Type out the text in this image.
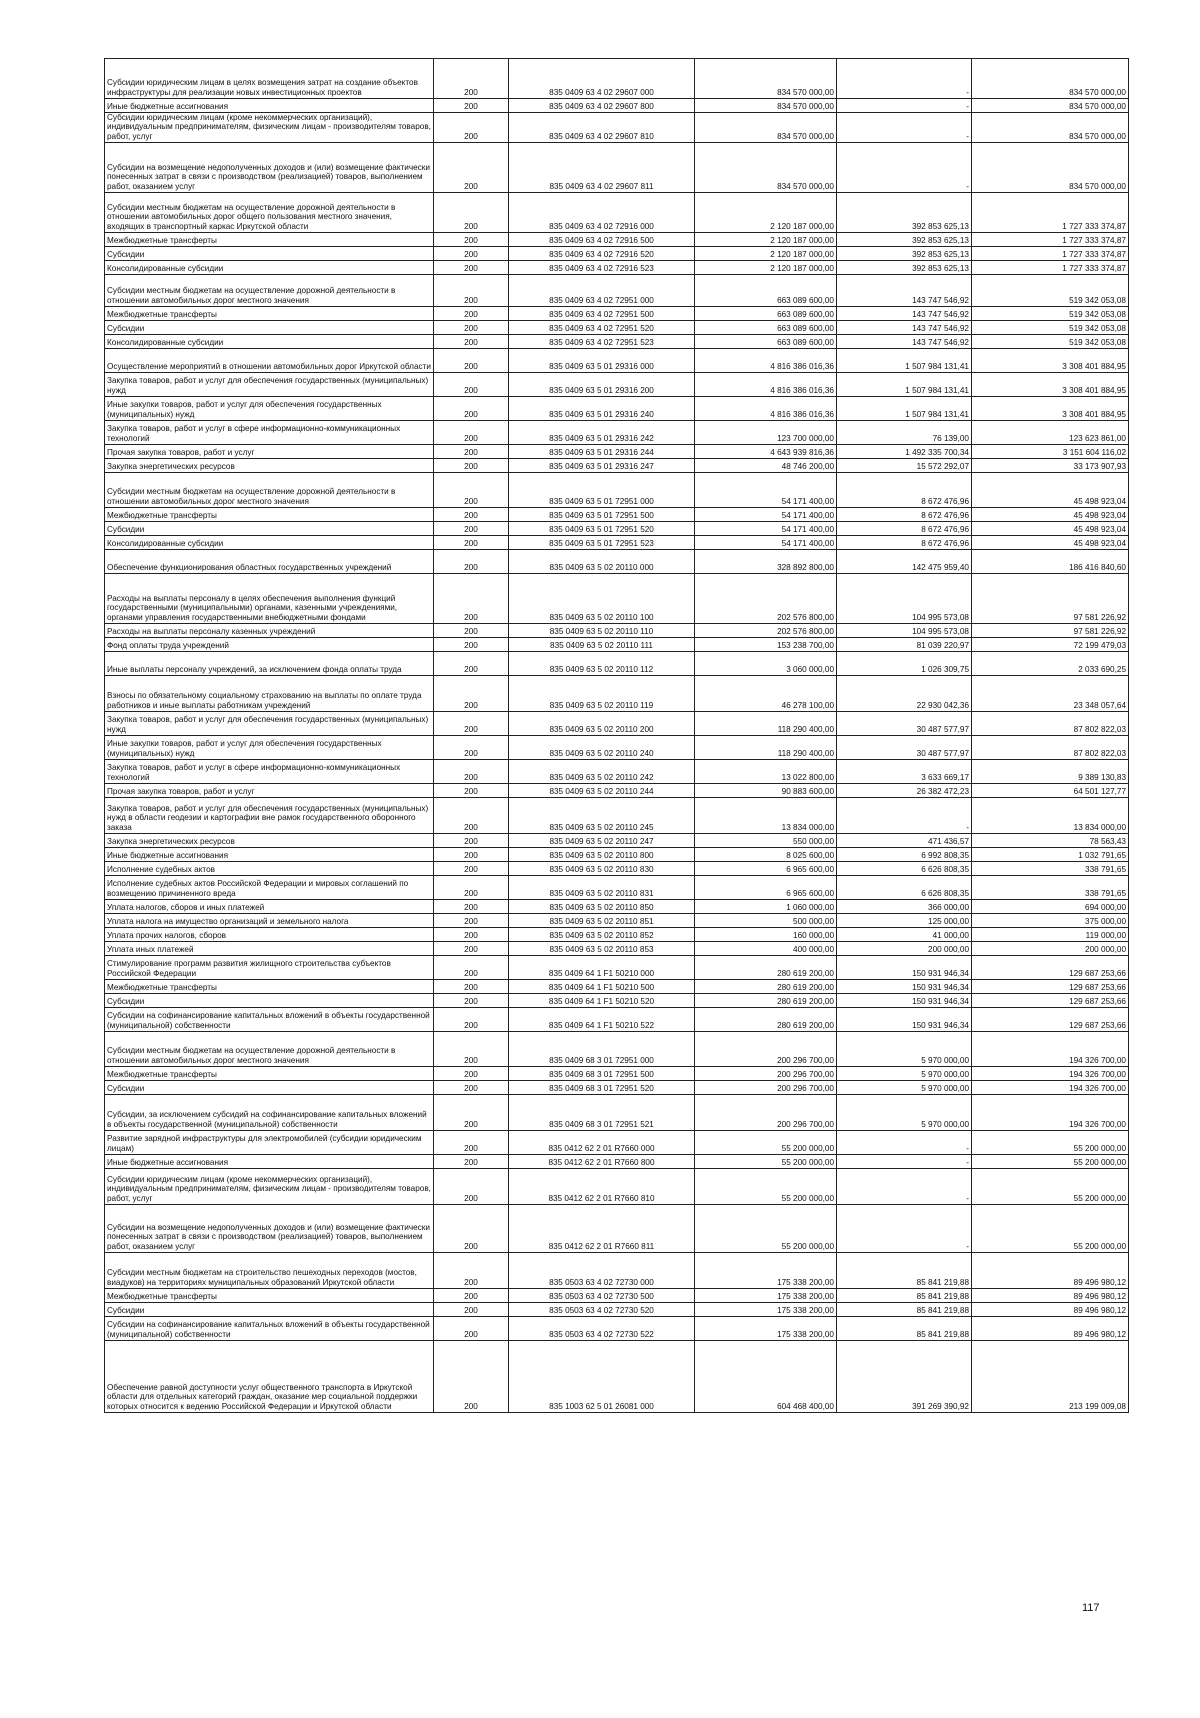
Субсидии юридическим лицам в целях возмещения затрат на создание объектов инфраструктуры для реализации новых инвестиционных проектов	200	835 0409 63 4 02 29607 000	834 570 000,00	-	834 570 000,00
Иные бюджетные ассигнования	200	835 0409 63 4 02 29607 800	834 570 000,00	-	834 570 000,00
Субсидии юридическим лицам (кроме некоммерческих организаций), индивидуальным предпринимателям, физическим лицам - производителям товаров, работ, услуг	200	835 0409 63 4 02 29607 810	834 570 000,00	-	834 570 000,00
Субсидии на возмещение недополученных доходов и (или) возмещение фактически понесенных затрат в связи с производством (реализацией) товаров, выполнением работ, оказанием услуг	200	835 0409 63 4 02 29607 811	834 570 000,00	-	834 570 000,00
Субсидии местным бюджетам на осуществление дорожной деятельности в отношении автомобильных дорог общего пользования местного значения, входящих в транспортный каркас Иркутской области	200	835 0409 63 4 02 72916 000	2 120 187 000,00	392 853 625,13	1 727 333 374,87
Межбюджетные трансферты	200	835 0409 63 4 02 72916 500	2 120 187 000,00	392 853 625,13	1 727 333 374,87
Субсидии	200	835 0409 63 4 02 72916 520	2 120 187 000,00	392 853 625,13	1 727 333 374,87
Консолидированные субсидии	200	835 0409 63 4 02 72916 523	2 120 187 000,00	392 853 625,13	1 727 333 374,87
Субсидии местным бюджетам на осуществление дорожной деятельности в отношении автомобильных дорог местного значения	200	835 0409 63 4 02 72951 000	663 089 600,00	143 747 546,92	519 342 053,08
Межбюджетные трансферты	200	835 0409 63 4 02 72951 500	663 089 600,00	143 747 546,92	519 342 053,08
Субсидии	200	835 0409 63 4 02 72951 520	663 089 600,00	143 747 546,92	519 342 053,08
Консолидированные субсидии	200	835 0409 63 4 02 72951 523	663 089 600,00	143 747 546,92	519 342 053,08
Осуществление мероприятий в отношении автомобильных дорог Иркутской области	200	835 0409 63 5 01 29316 000	4 816 386 016,36	1 507 984 131,41	3 308 401 884,95
Закупка товаров, работ и услуг для обеспечения государственных (муниципальных) нужд	200	835 0409 63 5 01 29316 200	4 816 386 016,36	1 507 984 131,41	3 308 401 884,95
Иные закупки товаров, работ и услуг для обеспечения государственных (муниципальных) нужд	200	835 0409 63 5 01 29316 240	4 816 386 016,36	1 507 984 131,41	3 308 401 884,95
Закупка товаров, работ и услуг в сфере информационно-коммуникационных технологий	200	835 0409 63 5 01 29316 242	123 700 000,00	76 139,00	123 623 861,00
Прочая закупка товаров, работ и услуг	200	835 0409 63 5 01 29316 244	4 643 939 816,36	1 492 335 700,34	3 151 604 116,02
Закупка энергетических ресурсов	200	835 0409 63 5 01 29316 247	48 746 200,00	15 572 292,07	33 173 907,93
Субсидии местным бюджетам на осуществление дорожной деятельности в отношении автомобильных дорог местного значения	200	835 0409 63 5 01 72951 000	54 171 400,00	8 672 476,96	45 498 923,04
Межбюджетные трансферты	200	835 0409 63 5 01 72951 500	54 171 400,00	8 672 476,96	45 498 923,04
Субсидии	200	835 0409 63 5 01 72951 520	54 171 400,00	8 672 476,96	45 498 923,04
Консолидированные субсидии	200	835 0409 63 5 01 72951 523	54 171 400,00	8 672 476,96	45 498 923,04
Обеспечение функционирования областных государственных учреждений	200	835 0409 63 5 02 20110 000	328 892 800,00	142 475 959,40	186 416 840,60
Расходы на выплаты персоналу в целях обеспечения выполнения функций государственными (муниципальными) органами, казенными учреждениями, органами управления государственными внебюджетными фондами	200	835 0409 63 5 02 20110 100	202 576 800,00	104 995 573,08	97 581 226,92
Расходы на выплаты персоналу казенных учреждений	200	835 0409 63 5 02 20110 110	202 576 800,00	104 995 573,08	97 581 226,92
Фонд оплаты труда учреждений	200	835 0409 63 5 02 20110 111	153 238 700,00	81 039 220,97	72 199 479,03
Иные выплаты персоналу учреждений, за исключением фонда оплаты труда	200	835 0409 63 5 02 20110 112	3 060 000,00	1 026 309,75	2 033 690,25
Взносы по обязательному социальному страхованию на выплаты по оплате труда работников и иные выплаты работникам учреждений	200	835 0409 63 5 02 20110 119	46 278 100,00	22 930 042,36	23 348 057,64
Закупка товаров, работ и услуг для обеспечения государственных (муниципальных) нужд	200	835 0409 63 5 02 20110 200	118 290 400,00	30 487 577,97	87 802 822,03
Иные закупки товаров, работ и услуг для обеспечения государственных (муниципальных) нужд	200	835 0409 63 5 02 20110 240	118 290 400,00	30 487 577,97	87 802 822,03
Закупка товаров, работ и услуг в сфере информационно-коммуникационных технологий	200	835 0409 63 5 02 20110 242	13 022 800,00	3 633 669,17	9 389 130,83
Прочая закупка товаров, работ и услуг	200	835 0409 63 5 02 20110 244	90 883 600,00	26 382 472,23	64 501 127,77
Закупка товаров, работ и услуг для обеспечения государственных (муниципальных) нужд в области геодезии и картографии вне рамок государственного оборонного заказа	200	835 0409 63 5 02 20110 245	13 834 000,00	-	13 834 000,00
Закупка энергетических ресурсов	200	835 0409 63 5 02 20110 247	550 000,00	471 436,57	78 563,43
Иные бюджетные ассигнования	200	835 0409 63 5 02 20110 800	8 025 600,00	6 992 808,35	1 032 791,65
Исполнение судебных актов	200	835 0409 63 5 02 20110 830	6 965 600,00	6 626 808,35	338 791,65
Исполнение судебных актов Российской Федерации и мировых соглашений по возмещению причиненного вреда	200	835 0409 63 5 02 20110 831	6 965 600,00	6 626 808,35	338 791,65
Уплата налогов, сборов и иных платежей	200	835 0409 63 5 02 20110 850	1 060 000,00	366 000,00	694 000,00
Уплата налога на имущество организаций и земельного налога	200	835 0409 63 5 02 20110 851	500 000,00	125 000,00	375 000,00
Уплата прочих налогов, сборов	200	835 0409 63 5 02 20110 852	160 000,00	41 000,00	119 000,00
Уплата иных платежей	200	835 0409 63 5 02 20110 853	400 000,00	200 000,00	200 000,00
Стимулирование программ развития жилищного строительства субъектов Российской Федерации	200	835 0409 64 1 F1 50210 000	280 619 200,00	150 931 946,34	129 687 253,66
Межбюджетные трансферты	200	835 0409 64 1 F1 50210 500	280 619 200,00	150 931 946,34	129 687 253,66
Субсидии	200	835 0409 64 1 F1 50210 520	280 619 200,00	150 931 946,34	129 687 253,66
Субсидии на софинансирование капитальных вложений в объекты государственной (муниципальной) собственности	200	835 0409 64 1 F1 50210 522	280 619 200,00	150 931 946,34	129 687 253,66
Субсидии местным бюджетам на осуществление дорожной деятельности в отношении автомобильных дорог местного значения	200	835 0409 68 3 01 72951 000	200 296 700,00	5 970 000,00	194 326 700,00
Межбюджетные трансферты	200	835 0409 68 3 01 72951 500	200 296 700,00	5 970 000,00	194 326 700,00
Субсидии	200	835 0409 68 3 01 72951 520	200 296 700,00	5 970 000,00	194 326 700,00
Субсидии, за исключением субсидий на софинансирование капитальных вложений в объекты государственной (муниципальной) собственности	200	835 0409 68 3 01 72951 521	200 296 700,00	5 970 000,00	194 326 700,00
Развитие зарядной инфраструктуры для электромобилей (субсидии юридическим лицам)	200	835 0412 62 2 01 R7660 000	55 200 000,00	-	55 200 000,00
Иные бюджетные ассигнования	200	835 0412 62 2 01 R7660 800	55 200 000,00	-	55 200 000,00
Субсидии юридическим лицам (кроме некоммерческих организаций), индивидуальным предпринимателям, физическим лицам - производителям товаров, работ, услуг	200	835 0412 62 2 01 R7660 810	55 200 000,00	-	55 200 000,00
Субсидии на возмещение недополученных доходов и (или) возмещение фактически понесенных затрат в связи с производством (реализацией) товаров, выполнением работ, оказанием услуг	200	835 0412 62 2 01 R7660 811	55 200 000,00	-	55 200 000,00
Субсидии местным бюджетам на строительство пешеходных переходов (мостов, виадуков) на территориях муниципальных образований Иркутской области	200	835 0503 63 4 02 72730 000	175 338 200,00	85 841 219,88	89 496 980,12
Межбюджетные трансферты	200	835 0503 63 4 02 72730 500	175 338 200,00	85 841 219,88	89 496 980,12
Субсидии	200	835 0503 63 4 02 72730 520	175 338 200,00	85 841 219,88	89 496 980,12
Субсидии на софинансирование капитальных вложений в объекты государственной (муниципальной) собственности	200	835 0503 63 4 02 72730 522	175 338 200,00	85 841 219,88	89 496 980,12
Обеспечение равной доступности услуг общественного транспорта в Иркутской области для отдельных категорий граждан, оказание мер социальной поддержки которых относится к ведению Российской Федерации и Иркутской области	200	835 1003 62 5 01 26081 000	604 468 400,00	391 269 390,92	213 199 009,08
117
